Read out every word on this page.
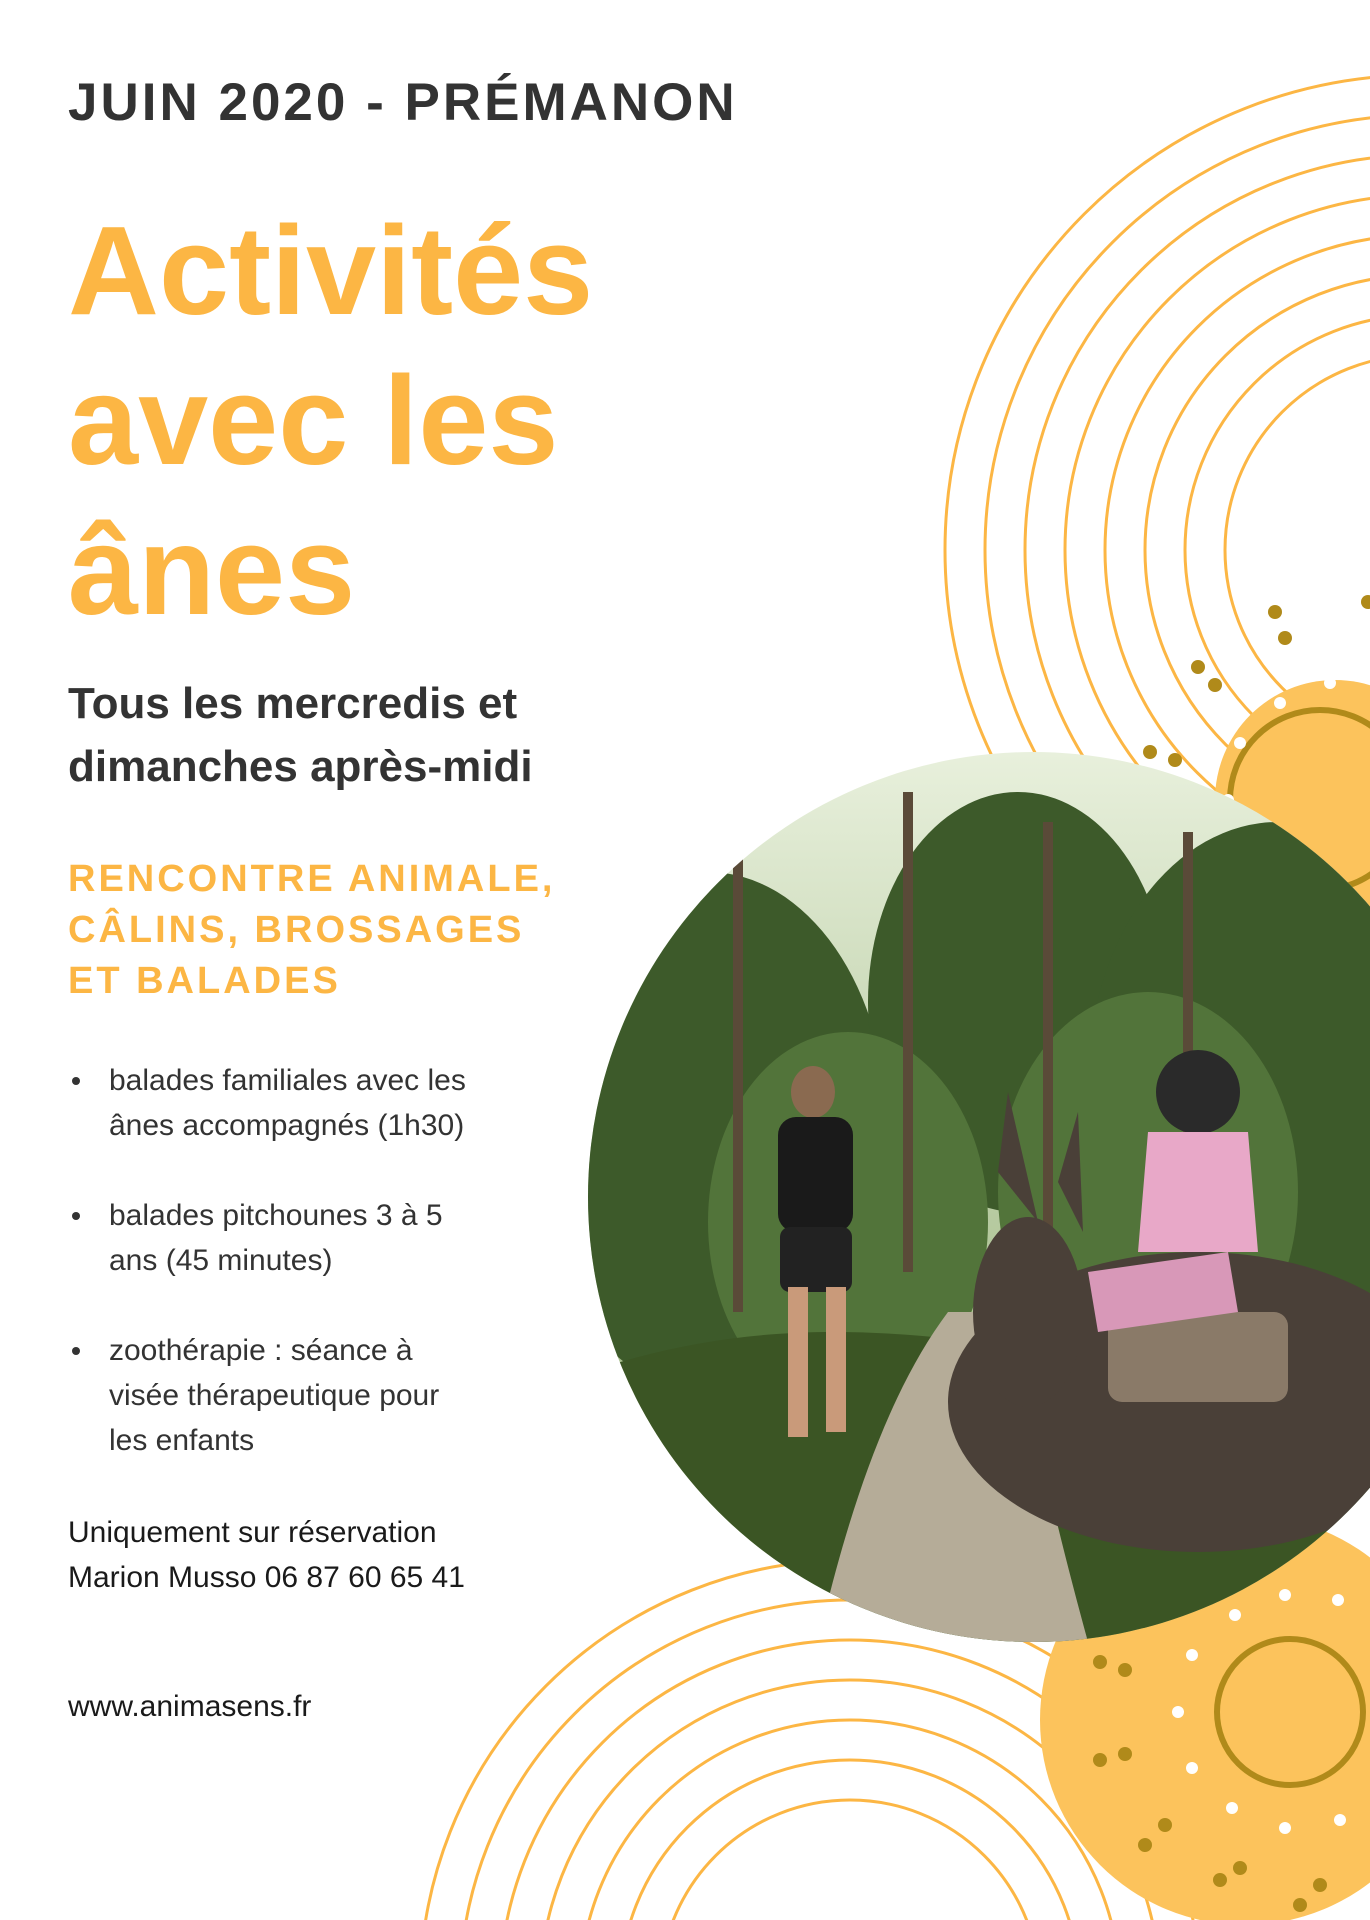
JUIN 2020 - PRÉMANON
Activités
avec les
ânes

Tous les mercredis et
dimanches après-midi

RENCONTRE ANIMALE,
CÂLINS, BROSSAGES
ET BALADES

balades familiales avec les
ânes accompagnés (1h30)
balades pitchounes 3 à 5
ans (45 minutes)
zoothérapie : séance à
visée thérapeutique pour
les enfants

Uniquement sur réservation
Marion Musso 06 87 60 65 41

www.animasens.fr
